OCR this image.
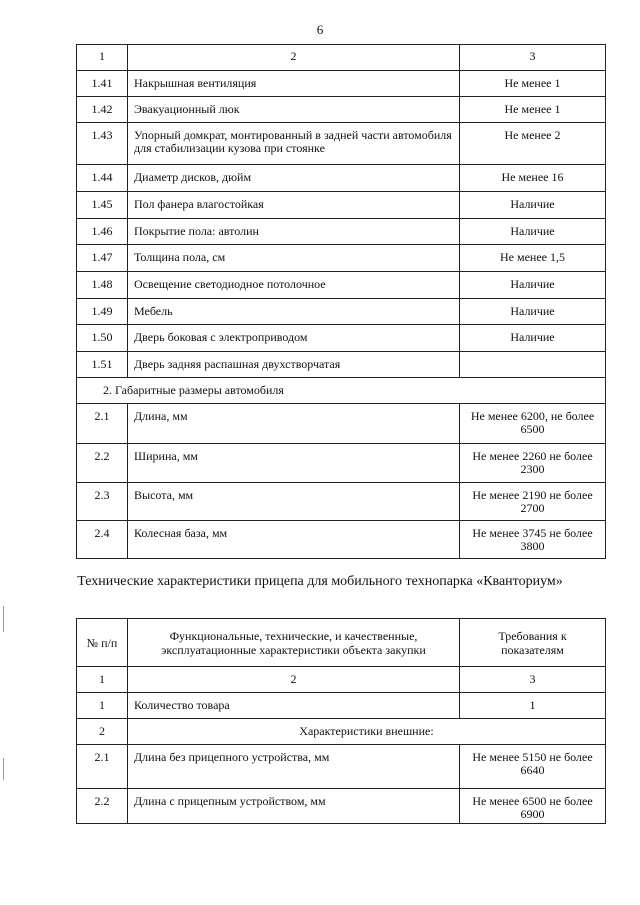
6
1	2	3
1.41	Накрышная вентиляция	Не менее 1
1.42	Эвакуационный люк	Не менее 1
1.43	Упорный домкрат, монтированный в задней части автомобиля для стабилизации кузова при стоянке	Не менее 2
1.44	Диаметр дисков, дюйм	Не менее 16
1.45	Пол фанера влагостойкая	Наличие
1.46	Покрытие пола: автолин	Наличие
1.47	Толщина пола, см	Не менее 1,5
1.48	Освещение светодиодное потолочное	Наличие
1.49	Мебель	Наличие
1.50	Дверь боковая с электроприводом	Наличие
1.51	Дверь задняя распашная двухстворчатая	
2. Габаритные размеры автомобиля		
2.1	Длина, мм	Не менее 6200, не более 6500
2.2	Ширина, мм	Не менее 2260 не более 2300
2.3	Высота, мм	Не менее 2190 не более 2700
2.4	Колесная база, мм	Не менее 3745 не более 3800
Технические характеристики прицепа для мобильного технопарка «Кванториум»
№ п/п	Функциональные, технические, и качественные, эксплуатационные характеристики объекта закупки	Требования к показателям
1	2	3
1	Количество товара	1
2	Характеристики внешние:	
2.1	Длина без прицепного устройства, мм	Не менее 5150 не более 6640
2.2	Длина с прицепным устройством, мм	Не менее 6500 не более 6900
